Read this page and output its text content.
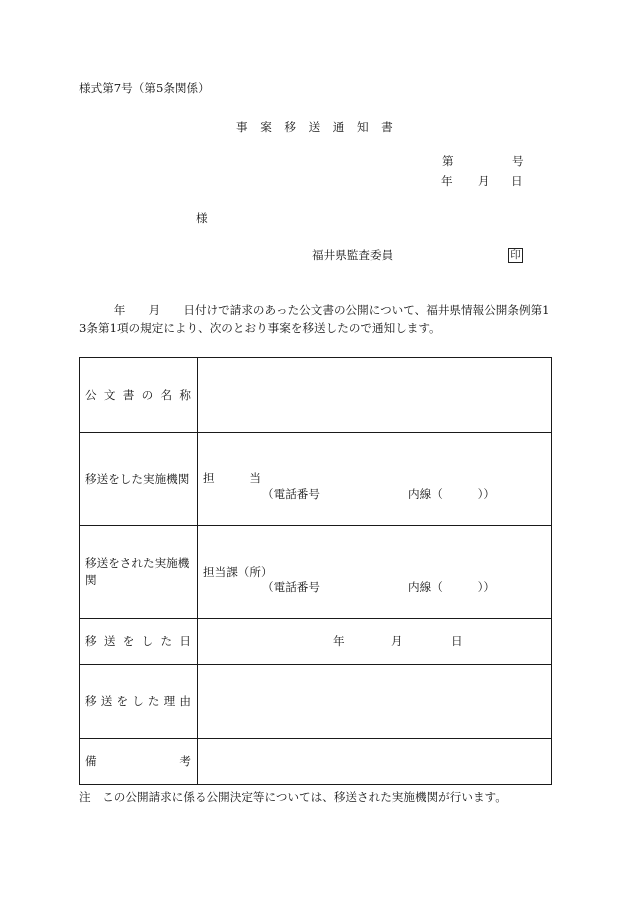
様式第7号（第5条関係）
事　案　移　送　通　知　書
第	号
年 月 日
様
福井県監査委員	印
　　　年　　月　　日付けで請求のあった公文書の公開について、福井県情報公開条例第1
3条第1項の規定により、次のとおり事案を移送したので通知します。
公 文 書 の 名 称
移送をした実施機関 担　　　当
（電話番号	内線（　　　））
移送をされた実施機関
担当課（所）
（電話番号	内線（　　　））
移 送 を し た 日	年	月	日
移 送 を し た 理 由
備 考
注　この公開請求に係る公開決定等については、移送された実施機関が行います。
